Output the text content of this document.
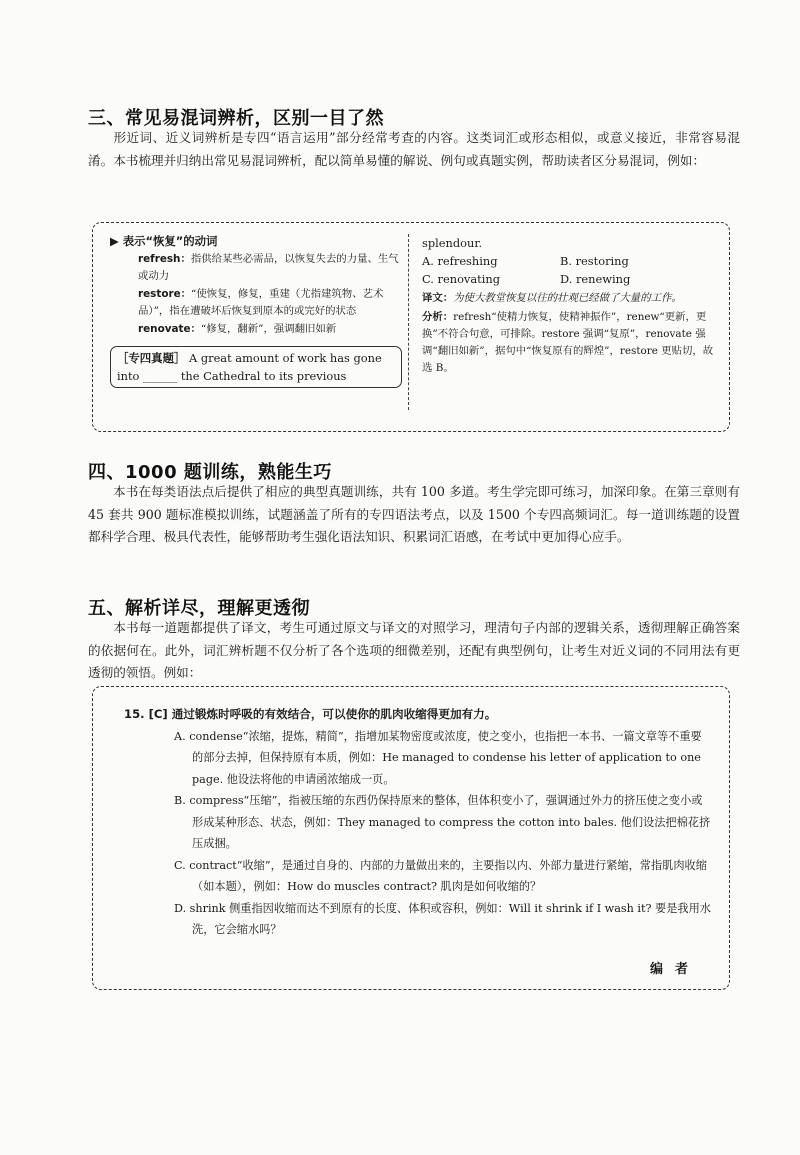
三、常见易混词辨析，区别一目了然
形近词、近义词辨析是专四“语言运用”部分经常考查的内容。这类词汇或形态相似，或意义接近，非常容易混淆。本书梳理并归纳出常见易混词辨析，配以简单易懂的解说、例句或真题实例，帮助读者区分易混词，例如：
▶ 表示“恢复”的动词
refresh：指供给某些必需品，以恢复失去的力量、生气或动力
restore：“使恢复，修复，重建（尤指建筑物、艺术品）”，指在遭破坏后恢复到原本的或完好的状态
renovate：“修复，翻新”，强调翻旧如新
［专四真题］ A great amount of work has gone into ______ the Cathedral to its previous
splendour.
A. refreshing	B. restoring
C. renovating	D. renewing
译文：为使大教堂恢复以往的壮观已经做了大量的工作。
分析：refresh“使精力恢复，使精神振作”，renew“更新，更换”不符合句意，可排除。restore 强调“复原”，renovate 强调“翻旧如新”，据句中“恢复原有的辉煌”，restore 更贴切，故选 B。
四、1000 题训练，熟能生巧
本书在每类语法点后提供了相应的典型真题训练，共有 100 多道。考生学完即可练习，加深印象。在第三章则有 45 套共 900 题标准模拟训练，试题涵盖了所有的专四语法考点，以及 1500 个专四高频词汇。每一道训练题的设置都科学合理、极具代表性，能够帮助考生强化语法知识、积累词汇语感，在考试中更加得心应手。
五、解析详尽，理解更透彻
本书每一道题都提供了译文，考生可通过原文与译文的对照学习，理清句子内部的逻辑关系，透彻理解正确答案的依据何在。此外，词汇辨析题不仅分析了各个选项的细微差别，还配有典型例句，让考生对近义词的不同用法有更透彻的领悟。例如：
15. [C] 通过锻炼时呼吸的有效结合，可以使你的肌肉收缩得更加有力。
A. condense“浓缩，提炼，精简”，指增加某物密度或浓度，使之变小，也指把一本书、一篇文章等不重要的部分去掉，但保持原有本质，例如：He managed to condense his letter of application to one page. 他设法将他的申请函浓缩成一页。
B. compress“压缩”，指被压缩的东西仍保持原来的整体，但体积变小了，强调通过外力的挤压使之变小或形成某种形态、状态，例如：They managed to compress the cotton into bales. 他们设法把棉花挤压成捆。
C. contract“收缩”，是通过自身的、内部的力量做出来的，主要指以内、外部力量进行紧缩，常指肌肉收缩（如本题），例如：How do muscles contract? 肌肉是如何收缩的？
D. shrink 侧重指因收缩而达不到原有的长度、体积或容积，例如：Will it shrink if I wash it? 要是我用水洗，它会缩水吗？
编者
